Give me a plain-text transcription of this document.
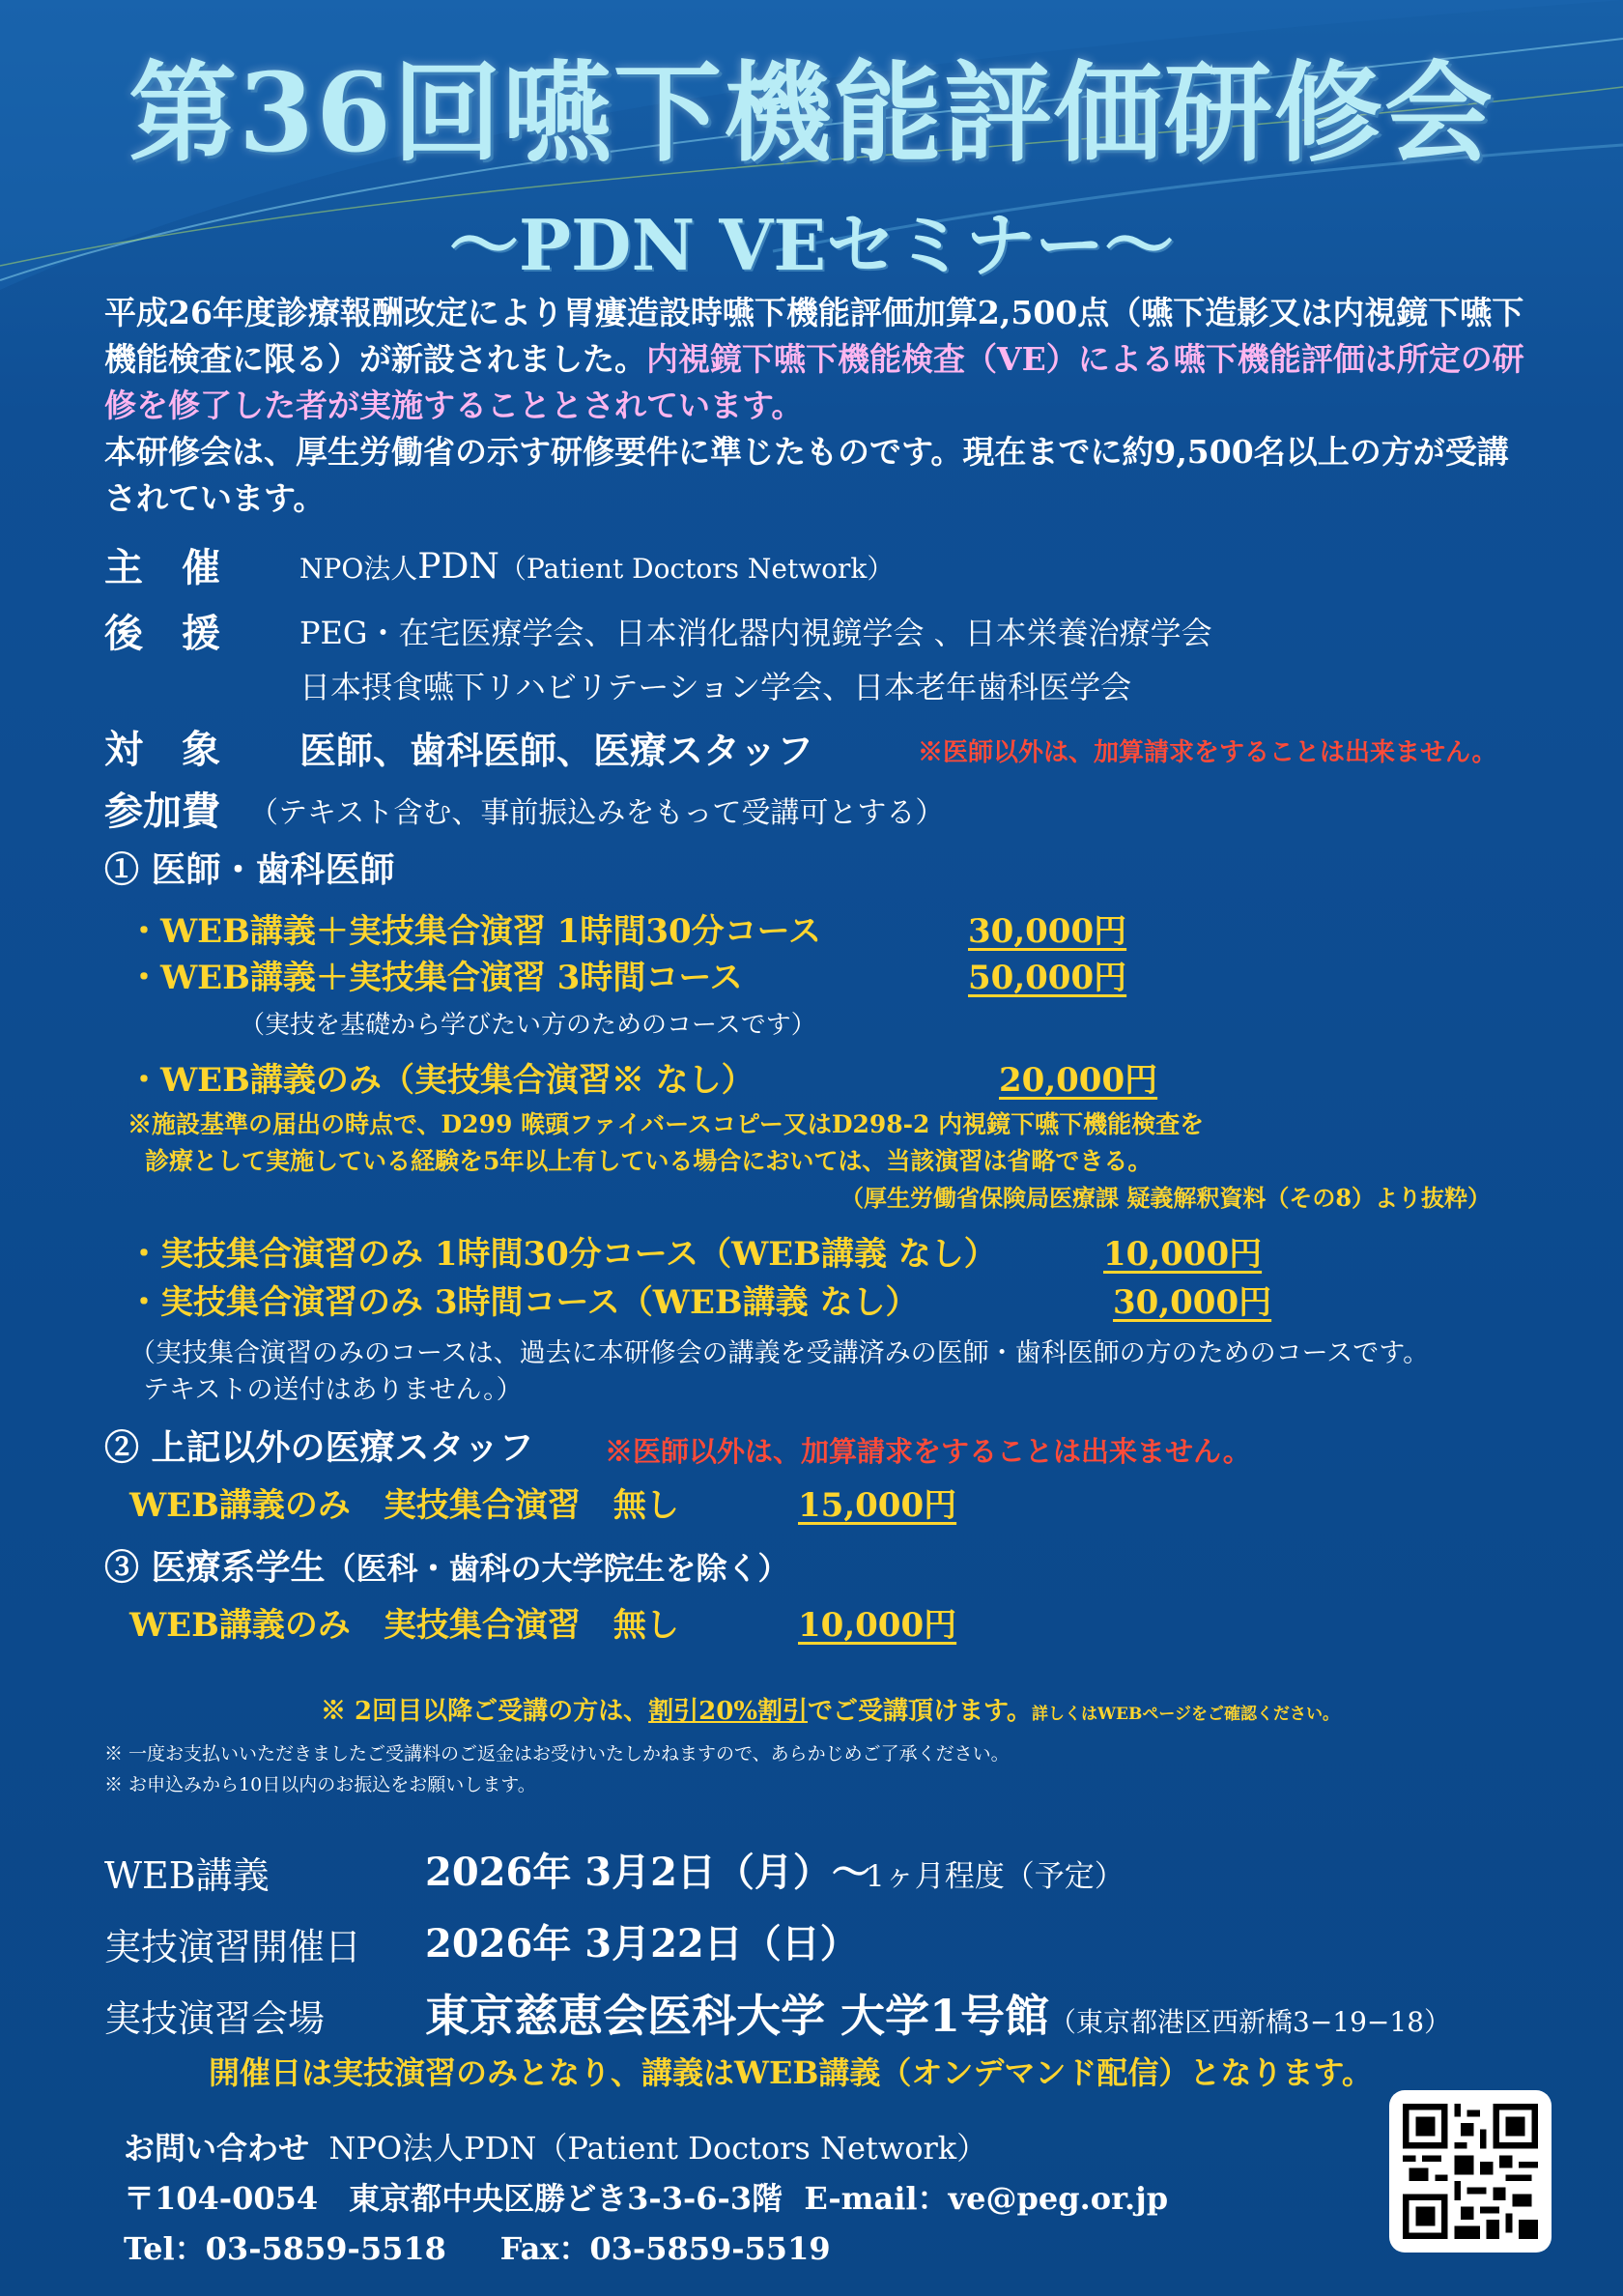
第36回嚥下機能評価研修会
～PDN VEセミナー～
平成26年度診療報酬改定により胃瘻造設時嚥下機能評価加算2,500点（嚥下造影又は内視鏡下嚥下機能検査に限る）が新設されました。内視鏡下嚥下機能検査（VE）による嚥下機能評価は所定の研修を修了した者が実施することとされています。
本研修会は、厚生労働省の示す研修要件に準じたものです。現在までに約9,500名以上の方が受講されています。
主　催	NPO法人PDN（Patient Doctors Network）
後　援	PEG・在宅医療学会、日本消化器内視鏡学会 、日本栄養治療学会
日本摂食嚥下リハビリテーション学会、日本老年歯科医学会
対　象 医師、歯科医師、医療スタッフ	※医師以外は、加算請求をすることは出来ません。
参加費 （テキスト含む、事前振込みをもって受講可とする）
① 医師・歯科医師
・WEB講義＋実技集合演習 1時間30分コース	30,000円
・WEB講義＋実技集合演習 3時間コース	50,000円
（実技を基礎から学びたい方のためのコースです）
・WEB講義のみ（実技集合演習※ なし）	20,000円
※施設基準の届出の時点で、D299 喉頭ファイバースコピー又はD298-2 内視鏡下嚥下機能検査を
診療として実施している経験を5年以上有している場合においては、当該演習は省略できる。
（厚生労働省保険局医療課 疑義解釈資料（その8）より抜粋）
・実技集合演習のみ 1時間30分コース（WEB講義 なし）	10,000円
・実技集合演習のみ 3時間コース（WEB講義 なし）	30,000円
（実技集合演習のみのコースは、過去に本研修会の講義を受講済みの医師・歯科医師の方のためのコースです。
テキストの送付はありません。）
② 上記以外の医療スタッフ	※医師以外は、加算請求をすることは出来ません。
WEB講義のみ　実技集合演習　無し	15,000円
③ 医療系学生（医科・歯科の大学院生を除く）
WEB講義のみ　実技集合演習　無し	10,000円
※ 2回目以降ご受講の方は、割引20%割引でご受講頂けます。詳しくはWEBページをご確認ください。
※ 一度お支払いいただきましたご受講料のご返金はお受けいたしかねますので、あらかじめご了承ください。
※ お申込みから10日以内のお振込をお願いします。
WEB講義	2026年 3月2日（月）～
1ヶ月程度（予定）
実技演習開催日 2026年 3月22日（日）
実技演習会場 東京慈恵会医科大学 大学1号館（東京都港区西新橋3−19−18）
開催日は実技演習のみとなり、講義はWEB講義（オンデマンド配信）となります。
お問い合わせ NPO法人PDN（Patient Doctors Network）
〒104-0054　東京都中央区勝どき3-3-6-3階 E-mail：ve@peg.or.jp
Tel：03-5859-5518 Fax：03-5859-5519
